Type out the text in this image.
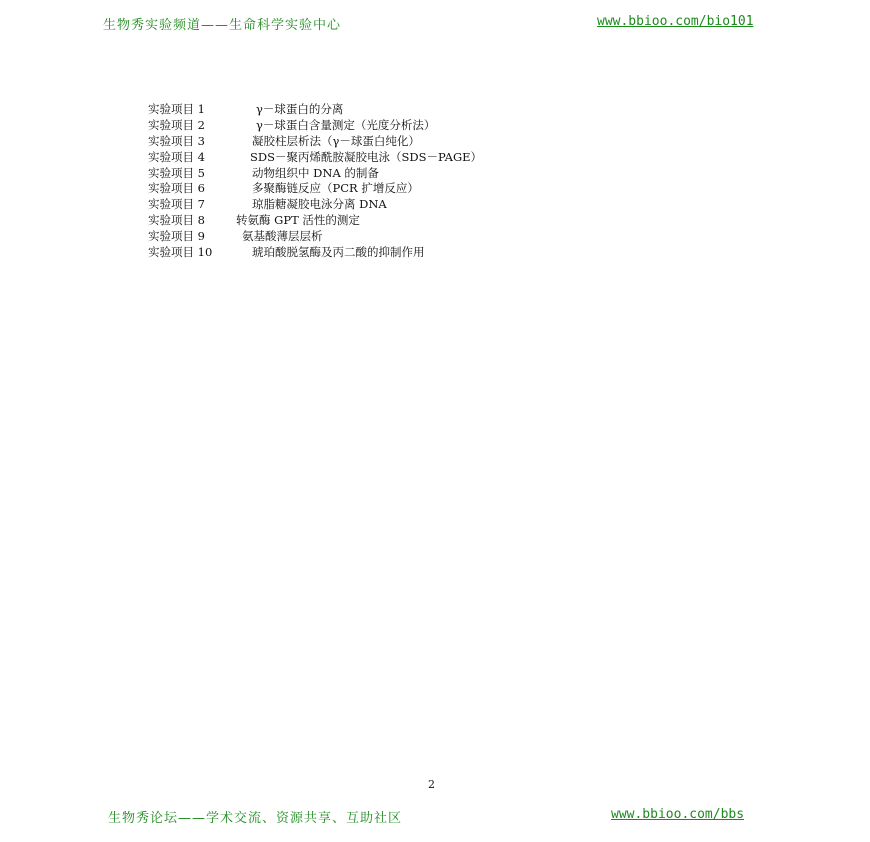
生物秀实验频道——生命科学实验中心	www.bbioo.com/bio101
实验项目 1	γ－球蛋白的分离
实验项目 2	γ－球蛋白含量测定（光度分析法）
实验项目 3	凝胶柱层析法（γ－球蛋白纯化）
实验项目 4	SDS－聚丙烯酰胺凝胶电泳（SDS－PAGE）
实验项目 5	动物组织中 DNA 的制备
实验项目 6	多聚酶链反应（PCR 扩增反应）
实验项目 7	琼脂糖凝胶电泳分离 DNA
实验项目 8	转氨酶 GPT 活性的测定
实验项目 9	氨基酸薄层层析
实验项目 10	琥珀酸脱氢酶及丙二酸的抑制作用
2
生物秀论坛——学术交流、资源共享、互助社区	www.bbioo.com/bbs
